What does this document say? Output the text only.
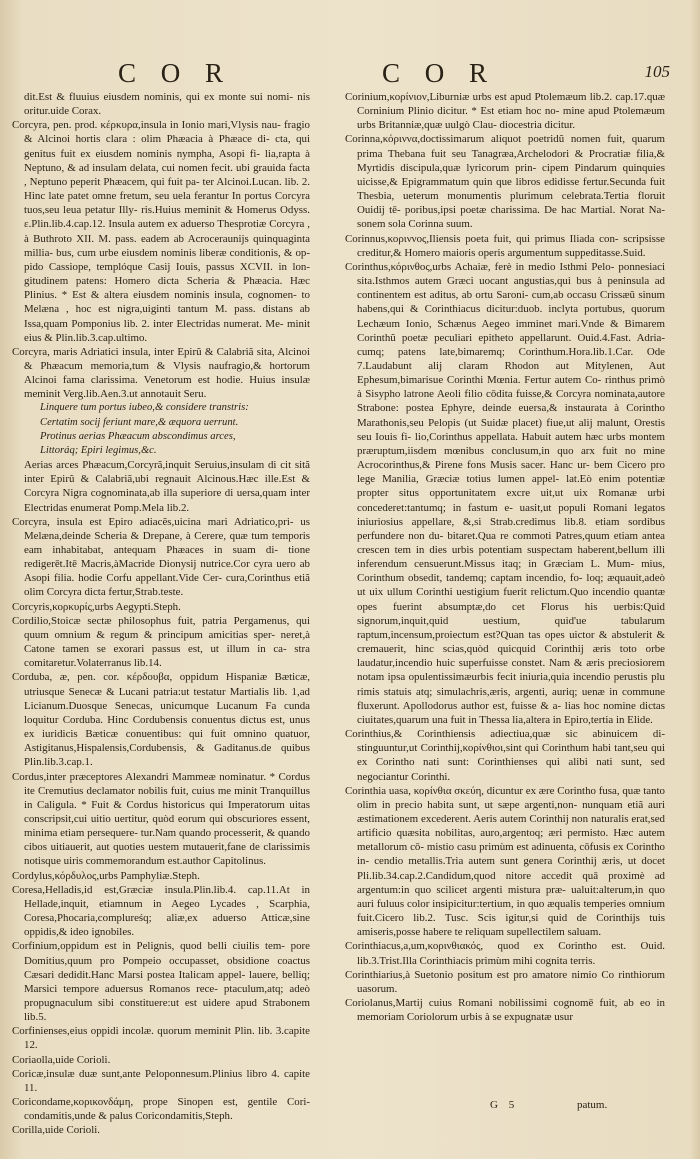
C O R	C O R	105

dit.Est & fluuius eiusdem nominis, qui ex monte sui nomi- nis oritur.uide Corax.

Corcyra, pen. prod. κέρκυρα,insula in Ionio mari,Vlysis nau- fragio & Alcinoi hortis clara : olim Phæacia à Phæace di- cta, qui genitus fuit ex eiusdem nominis nympha, Asopi fi- lia,rapta à Neptuno, & ad insulam delata, cui nomen fecit. ubi grauida facta , Neptuno peperit Phæacem, qui fuit pa- ter Alcinoi.Lucan. lib. 2. Hinc late patet omne fretum, seu uela ferantur In portus Corcyra tuos,seu leua petatur Illy- ris.Huius meminit & Homerus Odyss. ε.Plin.lib.4.cap.12. Insula autem ex aduerso Thesprotiæ Corcyra , à Buthroto XII. M. pass. eadem ab Acroceraunijs quinquaginta millia- bus, cum urbe eiusdem nominis liberæ conditionis, & op- pido Cassiope, templóque Casij Iouis, passus XCVII. in lon- gitudinem patens: Homero dicta Scheria & Phæacia. Hæc Plinius. * Est & altera eiusdem nominis insula, cognomen- to Melæna , hoc est nigra,uiginti tantum M. pass. distans ab Issa,quam Pomponius lib. 2. inter Electridas numerat. Me- minit eius & Plin.lib.3.cap.ultimo.

Corcyra, maris Adriatici insula, inter Epirũ & Calabriã sita, Alcinoi & Phæacum memoria,tum & Vlysis naufragio,& hortorum Alcinoi fama clarissima. Venetorum est hodie. Huius insulæ meminit Verg.lib.Aen.3.ut annotauit Seru.

Linquere tum portus iubeo,& considere transtris:

Certatim socij feriunt mare,& æquora uerrunt.

Protinus aerias Phæacum abscondimus arces,

Littoráq; Epiri legimus,&c.

Aerias arces Phæacum,Corcyrã,inquit Seruius,insulam di cit sitã inter Epirũ & Calabriã,ubi regnauit Alcinous.Hæc ille.Est & Corcyra Nigra cognominata,ab illa superiore di uersa,quam inter Electridas enumerat Pomp.Mela lib.2.

Corcyra, insula est Epiro adiacẽs,uicina mari Adriatico,pri- us Melæna,deinde Scheria & Drepane, à Cerere, quæ tum temporis eam inhabitabat, antequam Phæaces in suam di- tione redigerēt.Itē Macris,àMacride Dionysij nutrice.Cor cyra uero ab Asopi filia. hodie Corfu appellant.Vide Cer- cura,Corinthus etiã olim Corcyra dicta fertur,Strab.teste.

Corcyris,κορκυρίς,urbs Aegypti.Steph.

Cordilio,Stoicæ sectæ philosophus fuit, patria Pergamenus, qui quum omnium & regum & principum amicitias sper- neret,à Catone tamen se exorari passus est, ut illum in ca- stra comitaretur.Volaterranus lib.14.

Corduba, æ, pen. cor. κέρδουβα, oppidum Hispaniæ Bæticæ, utriusque Senecæ & Lucani patria:ut testatur Martialis lib. 1,ad Licianum.Duosque Senecas, unicumque Lucanum Fa cunda loquitur Corduba. Hinc Cordubensis conuentus dictus est, unus ex iuridicis Bæticæ conuentibus: qui fuit omnino quatuor, Astigitanus,Hispalensis,Cordubensis, & Gaditanus.de quibus Plin.lib.3.cap.1.

Cordus,inter præceptores Alexandri Mammeæ nominatur. * Cordus ite Cremutius declamator nobilis fuit, cuius me minit Tranquillus in Caligula. * Fuit & Cordus historicus qui Imperatorum uitas conscripsit,cui uitio uertitur, quòd eorum qui obscuriores essent, minima etiam persequere- tur.Nam quando processerit, & quando cibos uitiauerit, aut quoties uestem mutauerit,fane de clarissimis notisque uiris commemorandum est.author Capitolinus.

Cordylus,κόρδυλος,urbs Pamphyliæ.Steph.

Coresa,Helladis,id est,Græciæ insula.Plin.lib.4. cap.11.At in Hellade,inquit, etiamnum in Aegeo Lycades , Scarphia, Coresa,Phocaria,complureśq; aliæ,ex aduerso Atticæ,sine oppidis,& ideo ignobiles.

Corfinium,oppidum est in Pelignis, quod belli ciuilis tem- pore Domitius,quum pro Pompeio occupasset, obsidione coactus Cæsari dedidit.Hanc Marsi postea Italicam appel- lauere, belliq; Marsici tempore aduersus Romanos rece- ptaculum,atq; adeò propugnaculum sibi constituere:ut est uidere apud Strabonem lib.5.

Corfinienses,eius oppidi incolæ. quorum meminit Plin. lib. 3.capite 12.

Coriaolla,uide Corioli.

Coricæ,insulæ duæ sunt,ante Peloponnesum.Plinius libro 4. capite 11.

Coricondame,κορικονδάμη, prope Sinopen est, gentile Cori- condamitis,unde & palus Coricondamitis,Steph.

Corilla,uide Corioli.

Corinium,κορίνιον,Liburniæ urbs est apud Ptolemæum lib.2. cap.17.quæ Corninium Plinio dicitur. * Est etiam hoc no- mine apud Ptolemæum urbs Britanniæ,quæ uulgò Clau- diocestria dicitur.

Corinna,κόριννα,doctissimarum aliquot poetridũ nomen fuit, quarum prima Thebana fuit seu Tanagræa,Archelodori & Procratiæ filia,& Myrtidis discipula,quæ lyricorum prin- cipem Pindarum quinquies uicisse,& Epigrammatum quin que libros edidisse fertur.Secunda fuit Thesbia, ueterum monumentis plurimum celebrata.Tertia floruit Ouidij tē- poribus,ipsi poetæ charissima. De hac Martial. Norat Na- sonem sola Corinna suum.

Corinnus,κοριννος,Iliensis poeta fuit, qui primus Iliada con- scripsisse creditur,& Homero maioris operis argumentum suppeditasse.Suid.

Corinthus,κόρινθος,urbs Achaiæ, ferè in medio Isthmi Pelo- ponnesiaci sita.Isthmos autem Græci uocant angustias,qui bus à peninsula ad continentem est aditus, ab ortu Saroni- cum,ab occasu Crissæũ sinum habens,qui & Corinthiacus dicitur:duob. inclyta portubus, quorum Lechæum Ionio, Schænus Aegeo imminet mari.Vnde & Bimarem Corinthũ poetæ peculiari epitheto appellarunt. Ouid.4.Fast. Adria- cumq; patens late,bimaremq; Corinthum.Hora.lib.1.Car. Ode 7.Laudabunt alij claram Rhodon aut Mitylenen, Aut Ephesum,bimarisue Corinthi Mœnia. Fertur autem Co- rinthus primò à Sisypho latrone Aeoli filio cōdita fuisse,& Corcyra nominata,autore Strabone: postea Ephyre, deinde euersa,& instaurata à Corintho Marathonis,seu Pelopis (ut Suidæ placet) fiue,ut alij malunt, Orestis seu Iouis fi- lio,Corinthus appellata. Habuit autem hæc urbs montem præruptum,iisdem mœnibus conclusum,in quo arx fuit no mine Acrocorinthus,& Pirene fons Musis sacer. Hanc ur- bem Cicero pro lege Manilia, Græciæ totius lumen appel- lat.Eò enim potentiæ propter situs opportunitatem excre uit,ut uix Romanæ urbi concederet:tantumq; in fastum e- uasit,ut populi Romani legatos iniuriosius appellare, &,si Strab.credimus lib.8. etiam sordibus perfundere non du- bitaret.Qua re commoti Patres,quum etiam antea crescen tem in dies urbis potentiam suspectam haberent,bellum illi inferendum censuerunt.Missus itaq; in Græciam L. Mum- mius, Corinthum obsedit, tandemq; captam incendio, fo- loq; æquauit,adeò ut uix ullum Corinthi uestigium fuerit relictum.Quo incendio quantæ opes fuerint absumptæ,do cet Florus his uerbis:Quid signorum,inquit,quid uestium, quid'ue tabularum raptum,incensum,proiectum est?Quan tas opes uictor & abstulerit & cremauerit, hinc scias,quòd quicquid Corinthij æris toto orbe laudatur,incendio huic superfuisse constet. Nam & æris preciosiorem notam ipsa opulentissimæurbis fecit iniuria,quia incendio perustis plu rimis statuis atq; simulachris,æris, argenti, auriq; uenæ in commune fluxerunt. Apollodorus author est, fuisse & a- lias hoc nomine dictas ciuitates,quarum una fuit in Thessa lia,altera in Epiro,tertia in Elide.

Corinthius,& Corinthiensis adiectiua,quæ sic abinuicem di- stinguuntur,ut Corinthij,κορίνθιοι,sint qui Corinthum habi tant,seu qui ex Corintho nati sunt: Corinthienses qui alibi nati sunt, sed negociantur Corinthi.

Corinthia uasa, κορίνθια σκεύη, dicuntur ex ære Corintho fusa, quæ tanto olim in precio habita sunt, ut sæpe argenti,non- nunquam etiã auri æstimationem excederent. Aeris autem Corinthij non naturalis erat,sed artificio quæsita nobilitas, auro,argentoq; æri permisto. Hæc autem metallorum cō- mistio casu primùm est adinuenta, cōfusis ex Corintho in- cendio metallis.Tria autem sunt genera Corinthij æris, ut docet Pli.lib.34.cap.2.Candidum,quod nitore accedit quā proximè ad argentum:in quo scilicet argenti mistura præ- ualuit:alterum,in quo auri fuluus color insipicitur:tertium, in quo æqualis temperies omnium fuit.Cicero lib.2. Tusc. Scis igitur,si quid de Corinthijs tuis amiseris,posse habere te reliquam supellectilem saluam.

Corinthiacus,a,um,κορινθιακός, quod ex Corintho est. Ouid. lib.3.Trist.Illa Corinthiacis primùm mihi cognita terris.

Corinthiarius,à Suetonio positum est pro amatore nimio Co rinthiorum uasorum.

Coriolanus,Martij cuius Romani nobilissimi cognomē fuit, ab eo in memoriam Coriolorum urbis à se expugnatæ usur

G 5	patum.
